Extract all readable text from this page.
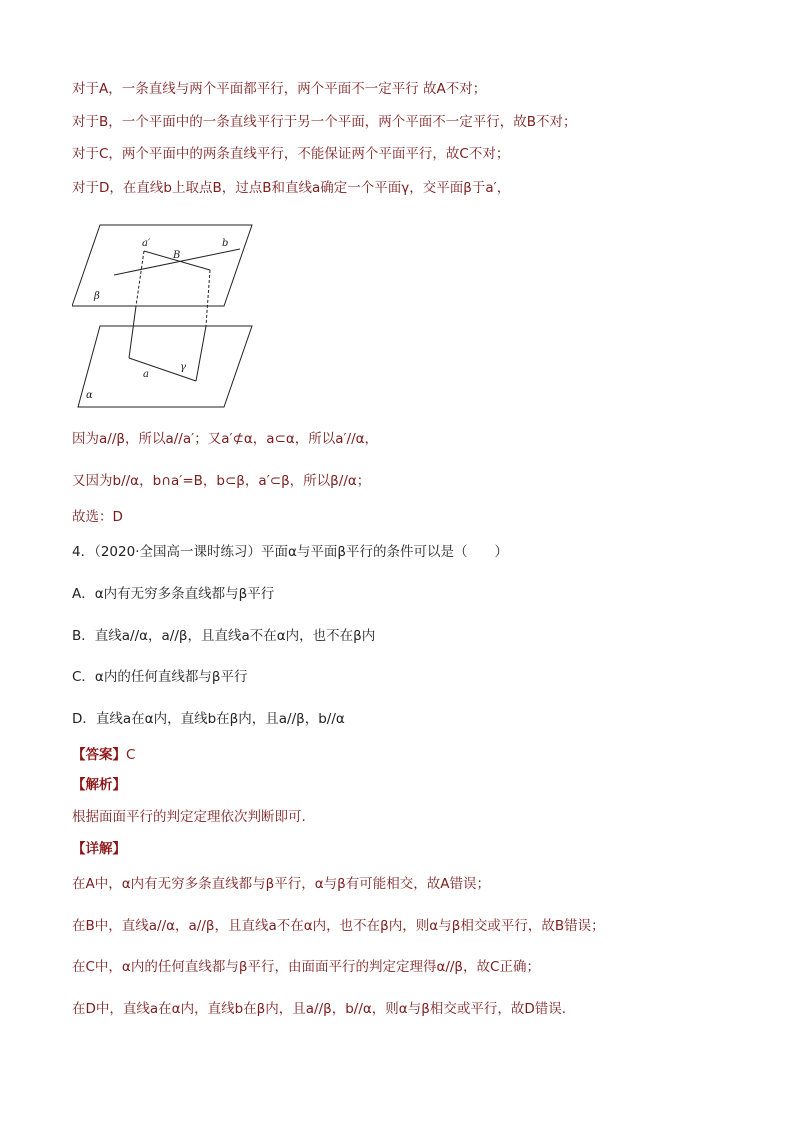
对于A，一条直线与两个平面都平行，两个平面不一定平行 故A不对；
对于B，一个平面中的一条直线平行于另一个平面，两个平面不一定平行，故B不对；
对于C，两个平面中的两条直线平行，不能保证两个平面平行，故C不对；
对于D，在直线b上取点B，过点B和直线a确定一个平面γ，交平面β于a′，
a′
B
b
β
a
γ
α
因为a//β，所以a//a′；又a′⊄α，a⊂α，所以a′//α，
又因为b//α，b∩a′=B，b⊂β，a′⊂β，所以β//α；
故选：D
4．（2020·全国高一课时练习）平面α与平面β平行的条件可以是（　　）
A．α内有无穷多条直线都与β平行
B．直线a//α，a//β，且直线a不在α内，也不在β内
C．α内的任何直线都与β平行
D．直线a在α内，直线b在β内，且a//β，b//α
【答案】C
【解析】
根据面面平行的判定定理依次判断即可.
【详解】
在A中，α内有无穷多条直线都与β平行，α与β有可能相交，故A错误；
在B中，直线a//α，a//β，且直线a不在α内，也不在β内，则α与β相交或平行，故B错误；
在C中，α内的任何直线都与β平行，由面面平行的判定定理得α//β，故C正确；
在D中，直线a在α内，直线b在β内，且a//β，b//α，则α与β相交或平行，故D错误.
